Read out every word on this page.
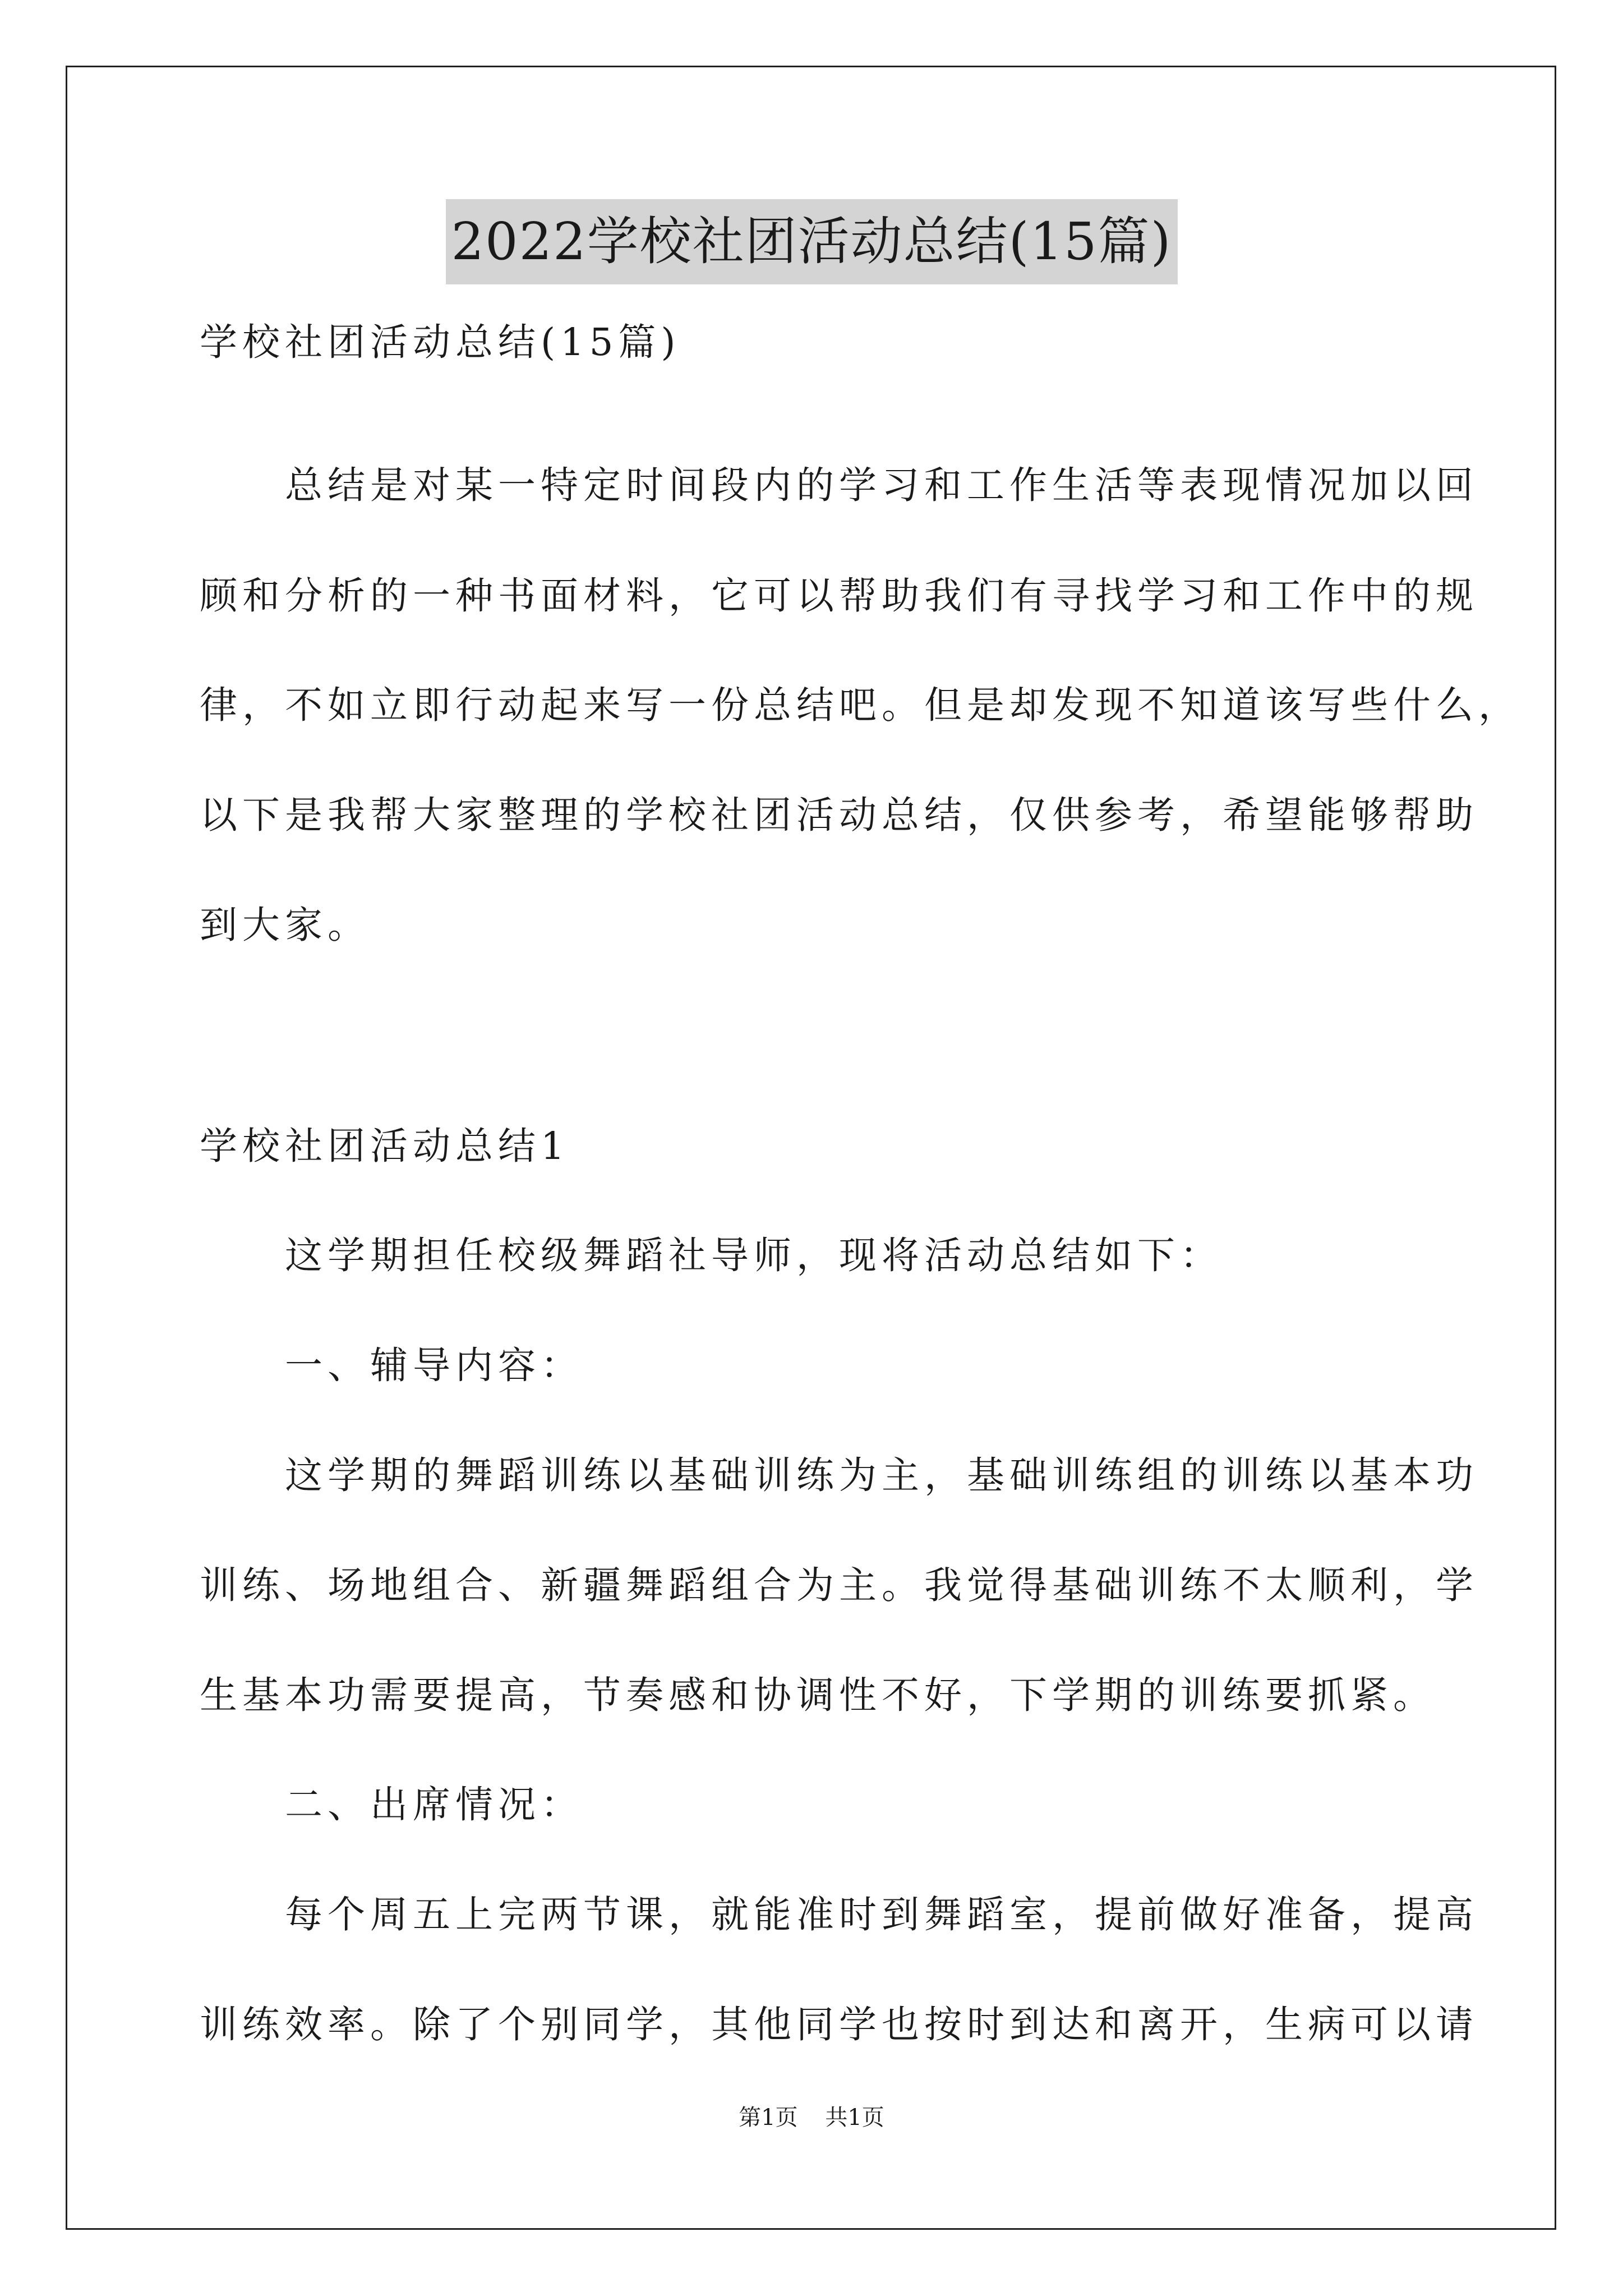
2022学校社团活动总结(15篇)
学校社团活动总结(15篇)
　　总结是对某一特定时间段内的学习和工作生活等表现情况加以回
顾和分析的一种书面材料，它可以帮助我们有寻找学习和工作中的规
律，不如立即行动起来写一份总结吧。但是却发现不知道该写些什么，
以下是我帮大家整理的学校社团活动总结，仅供参考，希望能够帮助
到大家。
学校社团活动总结1
　　这学期担任校级舞蹈社导师，现将活动总结如下：
　　一、辅导内容：
　　这学期的舞蹈训练以基础训练为主，基础训练组的训练以基本功
训练、场地组合、新疆舞蹈组合为主。我觉得基础训练不太顺利，学
生基本功需要提高，节奏感和协调性不好，下学期的训练要抓紧。
　　二、出席情况：
　　每个周五上完两节课，就能准时到舞蹈室，提前做好准备，提高
训练效率。除了个别同学，其他同学也按时到达和离开，生病可以请
第1页 共1页
